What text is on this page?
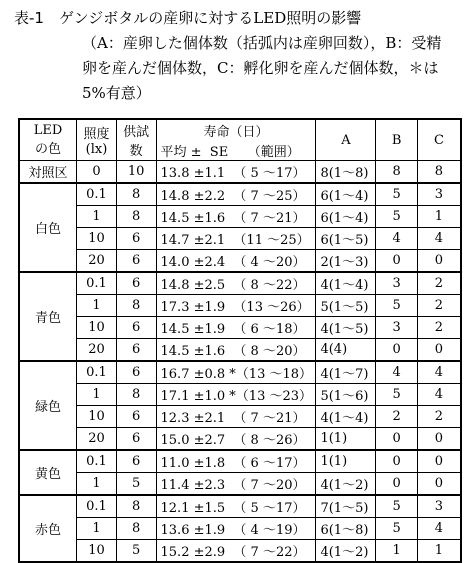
表-1　 ゲンジボタルの産卵に対するLED照明の影響
（A：産卵した個体数（括弧内は産卵回数），B：受精
卵を産んだ個体数，C：孵化卵を産んだ個体数，＊は
5%有意）
LED
の色	照度
(lx)	供試
数	寿命（日）	A	B	C
			平均 ±  SE　　（範囲）			
対照区	0	10	13.8 ±1.1  （ 5 ～17）	8(1～8)	8	8
白色	0.1	8	14.8 ±2.2  （ 7 ～25）	6(1～4)	5	3
	1	8	14.5 ±1.6  （ 7 ～21）	6(1～4)	5	1
	10	6	14.7 ±2.1  （11 ～25）	6(1～5)	4	4
	20	6	14.0 ±2.4  （ 4 ～20）	2(1～3)	0	0
青色	0.1	6	14.8 ±2.5  （ 8 ～22）	4(1～4)	3	2
	1	8	17.3 ±1.9  （13 ～26）	5(1～5)	5	2
	10	6	14.5 ±1.9  （ 6 ～18）	4(1～5)	3	2
	20	6	14.5 ±1.6  （ 8 ～20）	4(4)	0	0
緑色	0.1	6	16.7 ±0.8 *（13 ～18）	4(1～7)	4	4
	1	8	17.1 ±1.0 *（13 ～23）	5(1～6)	5	4
	10	6	12.3 ±2.1  （ 7 ～21）	4(1～4)	2	2
	20	6	15.0 ±2.7  （ 8 ～26）	1(1)	0	0
黄色	0.1	6	11.0 ±1.8  （ 6 ～17）	1(1)	0	0
	1	5	11.4 ±2.3  （ 7 ～20）	4(1～2)	0	0
赤色	0.1	8	12.1 ±1.5  （ 5 ～17）	7(1～5)	5	3
	1	8	13.6 ±1.9  （ 4 ～19）	6(1～8)	5	4
	10	5	15.2 ±2.9  （ 7 ～22）	4(1～2)	1	1
